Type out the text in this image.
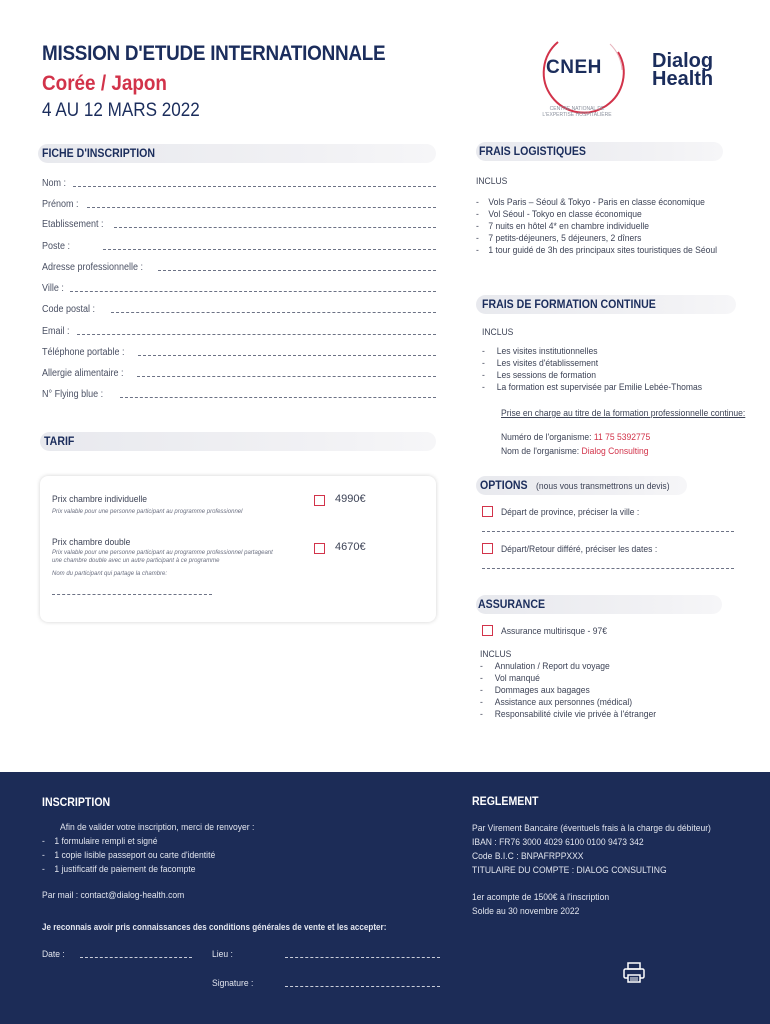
MISSION D'ETUDE INTERNATIONNALE
Corée / Japon
4 AU 12 MARS 2022
CNEH
CENTRE NATIONAL DE L'EXPERTISE HOSPITALIÈRE
Dialog
Health
FICHE D'INSCRIPTION
Nom :
Prénom :
Etablissement :
Poste :
Adresse professionnelle :
Ville :
Code postal :
Email :
Téléphone portable :
Allergie alimentaire :
N° Flying blue :
FRAIS LOGISTIQUES
INCLUS
-    Vols Paris – Séoul & Tokyo - Paris en classe économique
-    Vol Séoul - Tokyo en classe économique
-    7 nuits en hôtel 4* en chambre individuelle
-    7 petits-déjeuners, 5 déjeuners, 2 dîners
-    1 tour guidé de 3h des principaux sites touristiques de Séoul
FRAIS DE FORMATION CONTINUE
INCLUS
-     Les visites institutionnelles
-     Les visites d'établissement
-     Les sessions de formation
-     La formation est supervisée par Emilie Lebée-Thomas
Prise en charge au titre de la formation professionnelle continue:
Numéro de l'organisme: 11 75 5392775
Nom de l'organisme: Dialog Consulting
TARIF
Prix chambre individuelle
Prix valable pour une personne participant au programme professionnel
4990€
Prix chambre double
Prix valable pour une personne participant au programme professionnel partageant
une chambre double avec un autre participant à ce programme
Nom du participant qui partage la chambre:
4670€
OPTIONS (nous vous transmettrons un devis)
Départ de province, préciser la ville :
Départ/Retour différé, préciser les dates :
ASSURANCE
Assurance multirisque - 97€
INCLUS
-     Annulation / Report du voyage
-     Vol manqué
-     Dommages aux bagages
-     Assistance aux personnes (médical)
-     Responsabilité civile vie privée à l'étranger
INSCRIPTION
Afin de valider votre inscription, merci de renvoyer :
-    1 formulaire rempli et signé
-    1 copie lisible passeport ou carte d'identité
-    1 justificatif de paiement de facompte
Par mail : contact@dialog-health.com
Je reconnais avoir pris connaissances des conditions générales de vente et les accepter:
Date :	Lieu :
Signature :
REGLEMENT
Par Virement Bancaire (éventuels frais à la charge du débiteur)
IBAN : FR76 3000 4029 6100 0100 9473 342
Code B.I.C : BNPAFRPPXXX
TITULAIRE DU COMPTE : DIALOG CONSULTING
1er acompte de 1500€ à l'inscription
Solde au 30 novembre 2022
